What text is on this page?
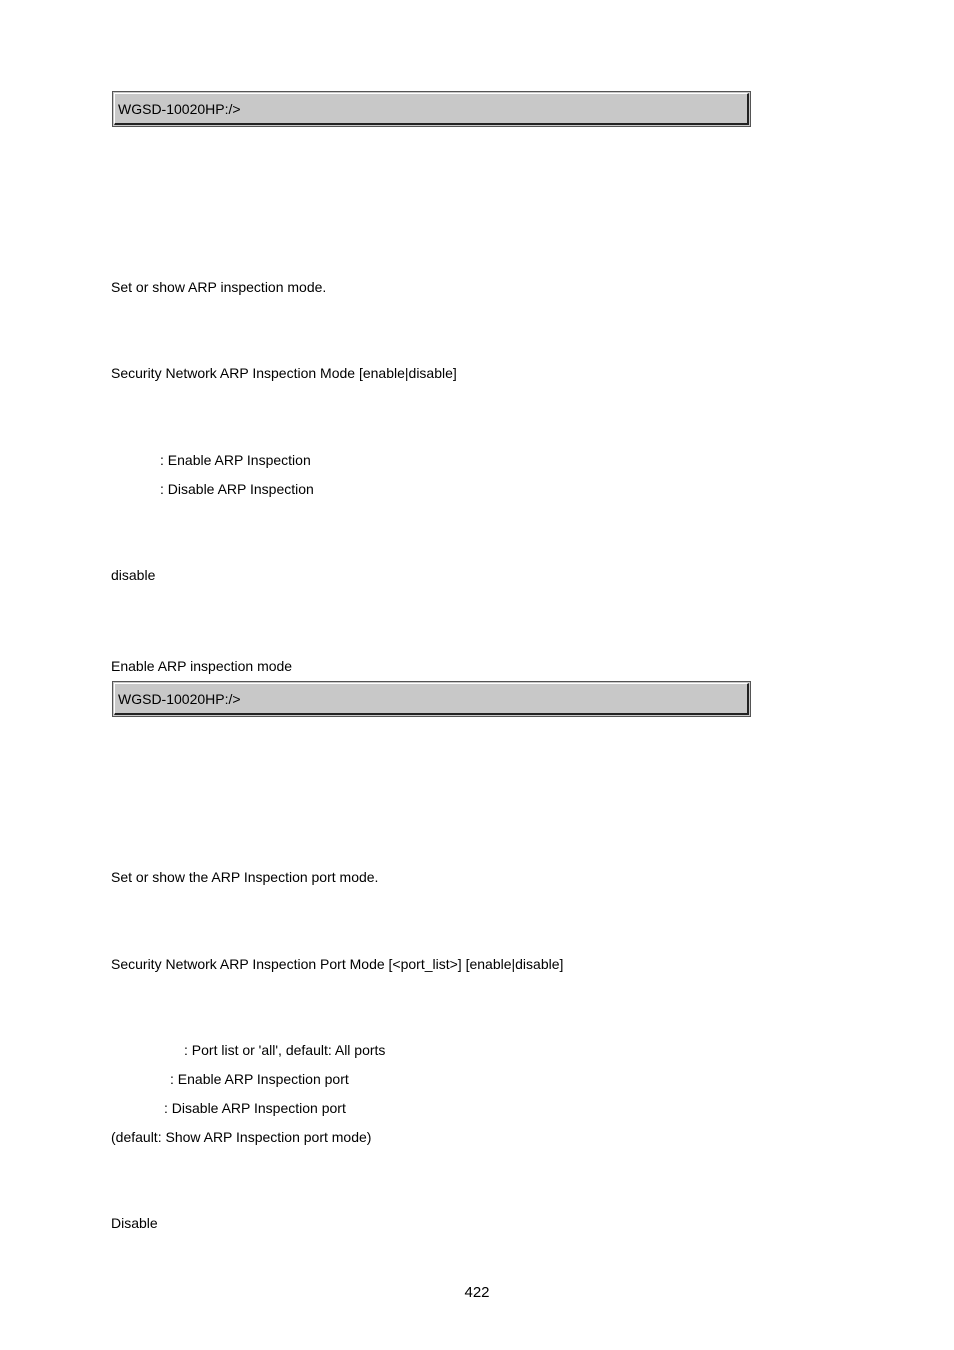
WGSD-10020HP:/>
Set or show ARP inspection mode.
Security Network ARP Inspection Mode [enable|disable]
: Enable ARP Inspection
: Disable ARP Inspection
disable
Enable ARP inspection mode
WGSD-10020HP:/>
Set or show the ARP Inspection port mode.
Security Network ARP Inspection Port Mode [<port_list>] [enable|disable]
: Port list or 'all', default: All ports
: Enable ARP Inspection port
: Disable ARP Inspection port
(default: Show ARP Inspection port mode)
Disable
422
